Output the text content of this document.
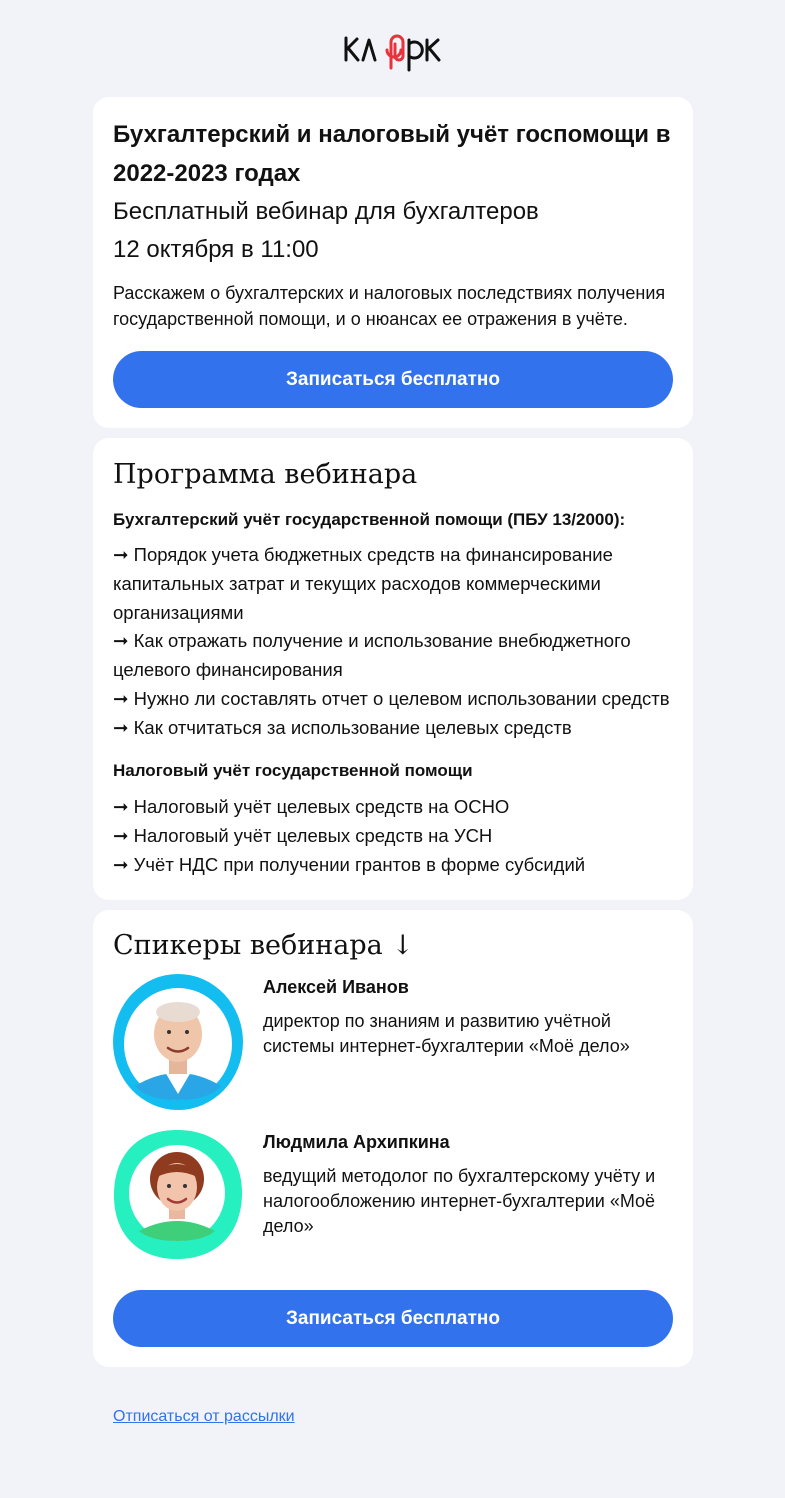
Бухгалтерский и налоговый учёт госпомощи в 2022-2023 годах
Бесплатный вебинар для бухгалтеров
12 октября в 11:00
Расскажем о бухгалтерских и налоговых последствиях получения государственной помощи, и о нюансах ее отражения в учёте.
Записаться бесплатно
Программа вебинара
Бухгалтерский учёт государственной помощи (ПБУ 13/2000):
➞ Порядок учета бюджетных средств на финансирование капитальных затрат и текущих расходов коммерческими организациями
➞ Как отражать получение и использование внебюджетного целевого финансирования
➞ Нужно ли составлять отчет о целевом использовании средств
➞ Как отчитаться за использование целевых средств
Налоговый учёт государственной помощи
➞ Налоговый учёт целевых средств на ОСНО
➞ Налоговый учёт целевых средств на УСН
➞ Учёт НДС при получении грантов в форме субсидий
Спикеры вебинара ↓
Алексей Иванов
директор по знаниям и развитию учётной системы интернет-бухгалтерии «Моё дело»
Людмила Архипкина
ведущий методолог по бухгалтерскому учёту и налогообложению интернет-бухгалтерии «Моё дело»
Записаться бесплатно
Отписаться от рассылки
